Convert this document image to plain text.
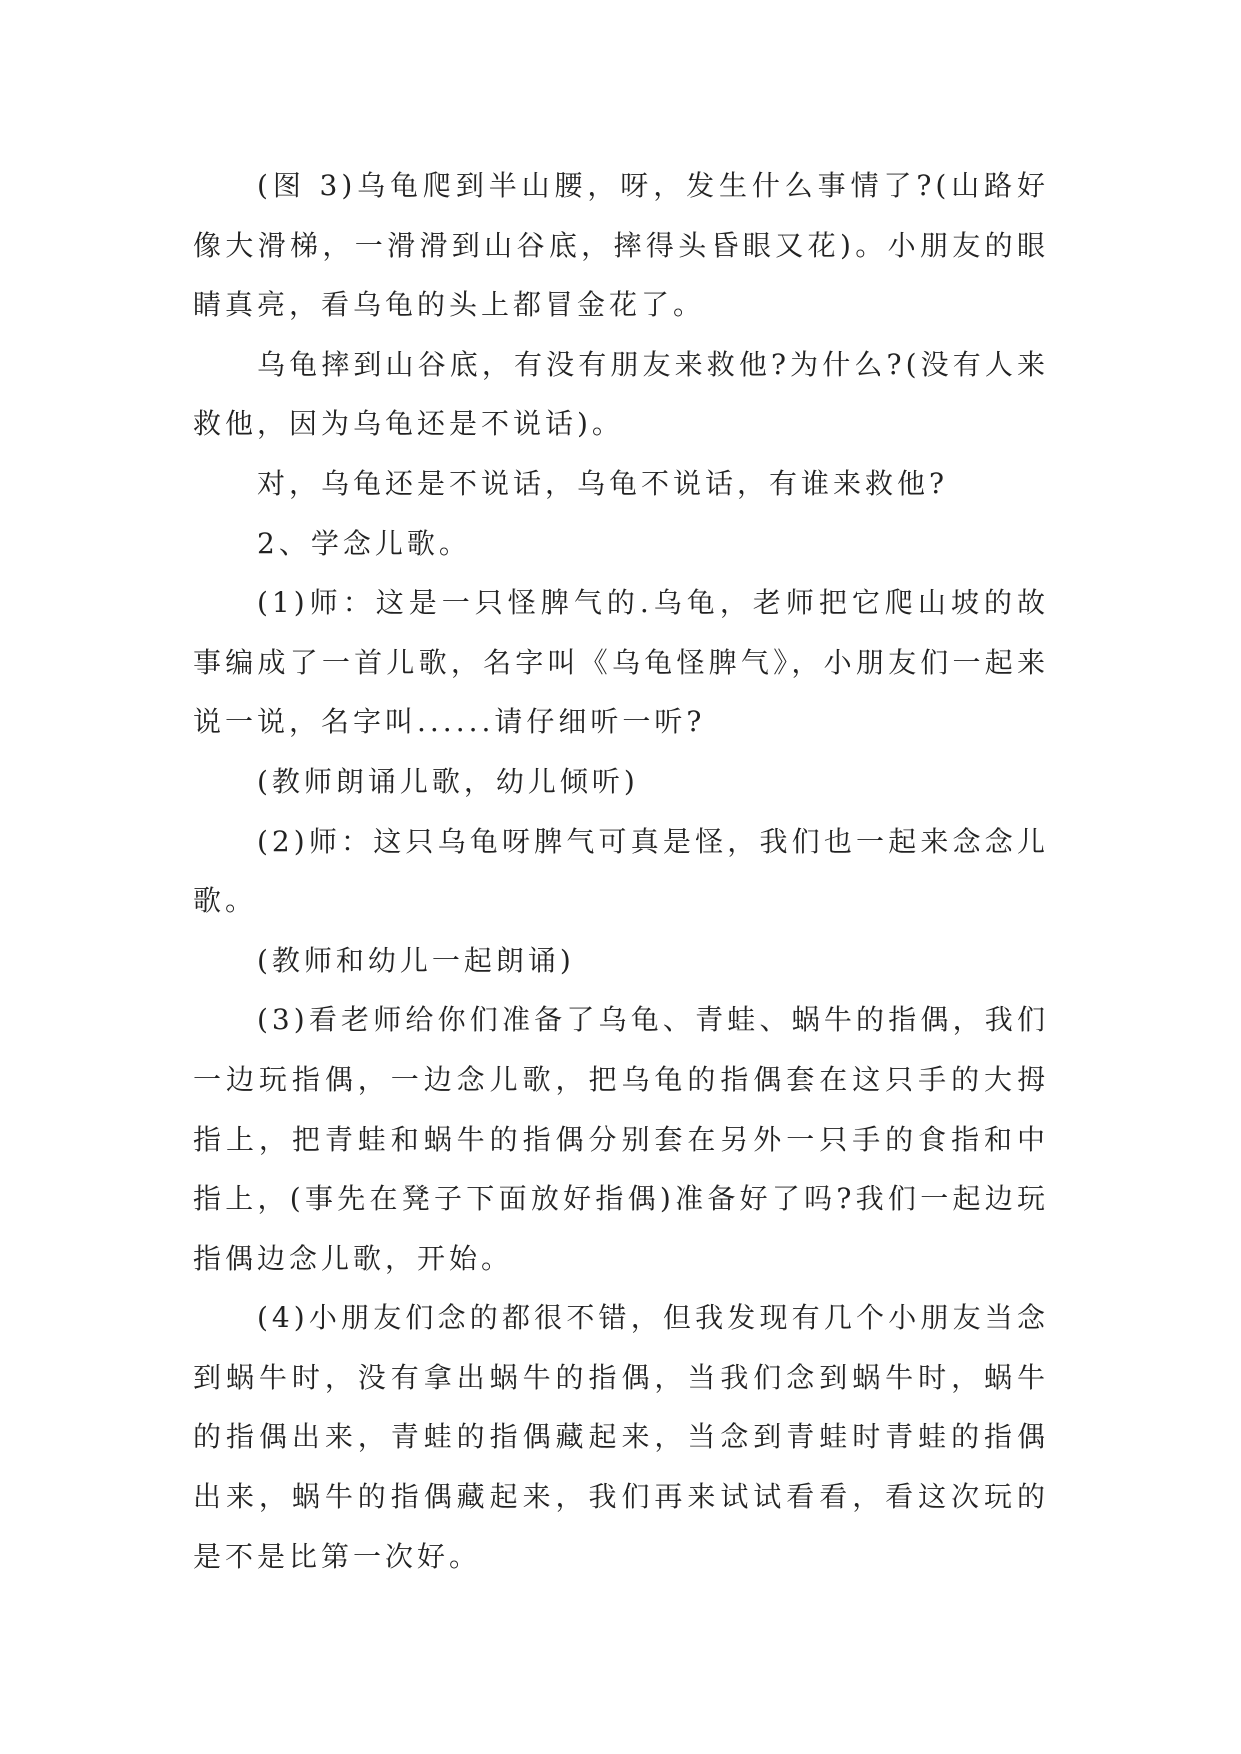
(图 3)乌龟爬到半山腰，呀，发生什么事情了?(山路好像大滑梯，一滑滑到山谷底，摔得头昏眼又花)。小朋友的眼睛真亮，看乌龟的头上都冒金花了。

乌龟摔到山谷底，有没有朋友来救他?为什么?(没有人来救他，因为乌龟还是不说话)。

对，乌龟还是不说话，乌龟不说话，有谁来救他?

2、学念儿歌。

(1)师：这是一只怪脾气的.乌龟，老师把它爬山坡的故事编成了一首儿歌，名字叫《乌龟怪脾气》，小朋友们一起来说一说，名字叫......请仔细听一听?

(教师朗诵儿歌，幼儿倾听)

(2)师：这只乌龟呀脾气可真是怪，我们也一起来念念儿歌。

(教师和幼儿一起朗诵)

(3)看老师给你们准备了乌龟、青蛙、蜗牛的指偶，我们一边玩指偶，一边念儿歌，把乌龟的指偶套在这只手的大拇指上，把青蛙和蜗牛的指偶分别套在另外一只手的食指和中指上，(事先在凳子下面放好指偶)准备好了吗?我们一起边玩指偶边念儿歌，开始。

(4)小朋友们念的都很不错，但我发现有几个小朋友当念到蜗牛时，没有拿出蜗牛的指偶，当我们念到蜗牛时，蜗牛的指偶出来，青蛙的指偶藏起来，当念到青蛙时青蛙的指偶出来，蜗牛的指偶藏起来，我们再来试试看看，看这次玩的是不是比第一次好。
